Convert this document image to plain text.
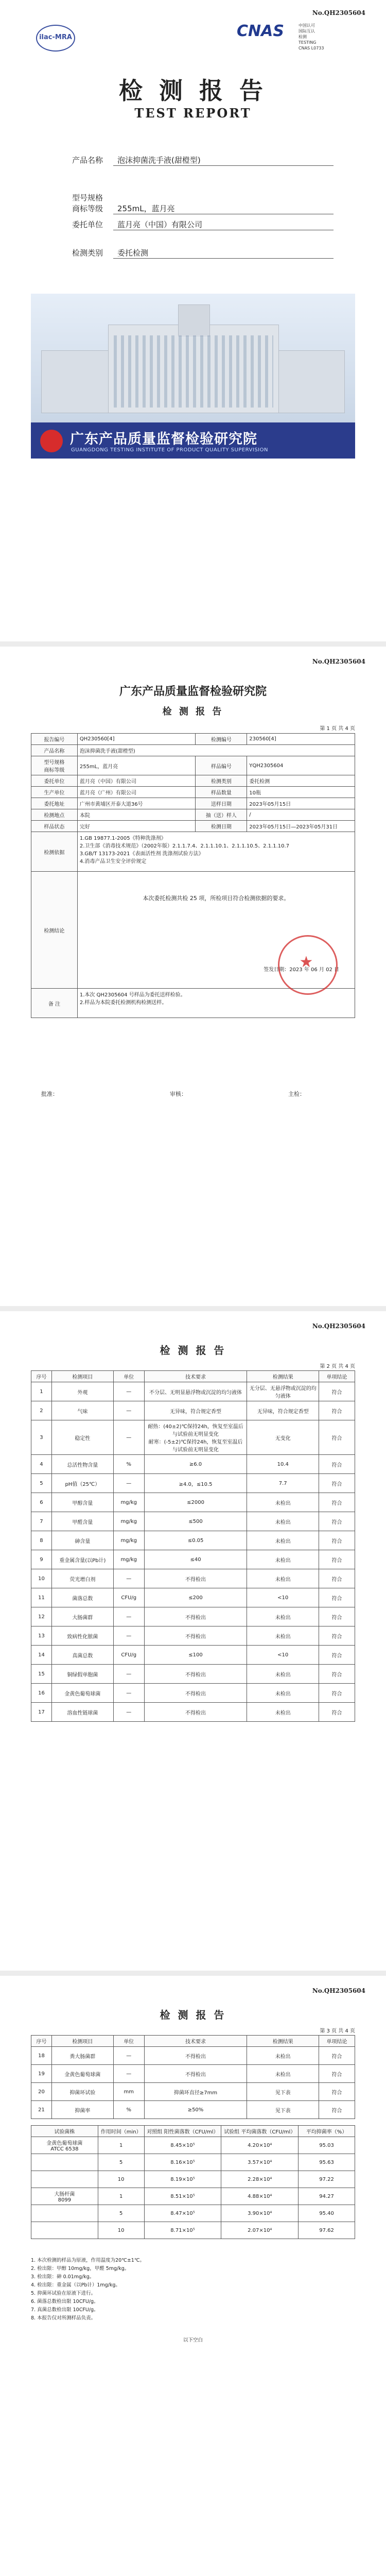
No.QH2305604
ilac-MRA	CNAS	中国认可
国际互认
检测
TESTING
CNAS L0733
检 测 报 告
TEST REPORT
产品名称 泡沫抑菌洗手液(甜橙型)

型号规格
商标等级 255mL，蓝月亮

委托单位 蓝月亮（中国）有限公司
检测类别 委托检测
广东产品质量监督检验研究院
GUANGDONG TESTING INSTITUTE OF PRODUCT QUALITY SUPERVISION
No.QH2305604
广东产品质量监督检验研究院
检 测 报 告
第 1 页 共 4 页
报告编号	QH230560[4]	检测编号	230560[4]
产品名称	泡沫抑菌洗手液(甜橙型)		
型号规格
商标等级	255mL，蓝月亮	样品编号	YQH2305604
委托单位	蓝月亮（中国）有限公司	检测类别	委托检测
生产单位	蓝月亮（广州）有限公司	样品数量	10瓶
委托地址	广州市黄埔区开泰大道36号	送样日期	2023年05月15日
检测地点	本院	抽（送）样人	/
样品状态	完好	检测日期	2023年05月15日—2023年05月31日
检测依据	1.GB 19877.1-2005《特种洗涤剂》
2.卫生部《消毒技术规范》（2002年版）2.1.1.7.4、2.1.1.10.1、2.1.1.10.5、2.1.1.10.7
3.GB/T 13173-2021《表面活性剂 洗涤剂试验方法》
4.消毒产品卫生安全评价规定		
检测结论	本次委托检测共检 25 项，所检项目符合检测依据的要求。
签发日期：2023 年 06 月 02 日		

备 注	1.本次 QH2305604 号样品为委托送样检验。
2.样品为本院委托检测机构检测送样。		
★
批准：	审核：	主检：
No.QH2305604
检 测 报 告
第 2 页 共 4 页
序号	检测项目	单位	技术要求	检测结果	单项结论
1	外观	—	不分层、无明显悬浮物或沉淀的均匀液体	无分层、无悬浮物或沉淀的均匀液体	符合
2	气味	—	无异味，符合规定香型	无异味，符合规定香型	符合
3	稳定性	—	耐热：(40±2)℃保持24h，恢复至室温后与试验前无明显变化
耐寒：(-5±2)℃保持24h，恢复至室温后与试验前无明显变化	无变化	符合
4	总活性物含量	%	≥6.0	10.4	符合
5	pH值（25℃）	—	≥4.0，≤10.5	7.7	符合
6	甲醇含量	mg/kg	≤2000	未检出	符合
7	甲醛含量	mg/kg	≤500	未检出	符合
8	砷含量	mg/kg	≤0.05	未检出	符合
9	重金属含量(以Pb计)	mg/kg	≤40	未检出	符合
10	荧光增白剂	—	不得检出	未检出	符合
11	菌落总数	CFU/g	≤200	<10	符合
12	大肠菌群	—	不得检出	未检出	符合
13	致病性化脓菌	—	不得检出	未检出	符合
14	真菌总数	CFU/g	≤100	<10	符合
15	铜绿假单胞菌	—	不得检出	未检出	符合
16	金黄色葡萄球菌	—	不得检出	未检出	符合
17	溶血性链球菌	—	不得检出	未检出	符合
No.QH2305604
检 测 报 告
第 3 页 共 4 页
序号	检测项目	单位	技术要求	检测结果	单项结论
18	粪大肠菌群	—	不得检出	未检出	符合
19	金黄色葡萄球菌	—	不得检出	未检出	符合
20	抑菌环试验	mm	抑菌环直径≥7mm	见下表	符合
21	抑菌率	%	≥50%	见下表	符合
试验菌株	作用时间（min）	对照组 阳性菌落数（CFU/ml）	试验组 平均菌落数（CFU/ml）	平均抑菌率（%）
金黄色葡萄球菌
ATCC 6538	1	8.45×10⁵	4.20×10⁴	95.03
	5	8.16×10⁵	3.57×10⁴	95.63
	10	8.19×10⁵	2.28×10⁴	97.22
大肠杆菌
8099	1	8.51×10⁵	4.88×10⁴	94.27
	5	8.47×10⁵	3.90×10⁴	95.40
	10	8.71×10⁵	2.07×10⁴	97.62
1. 本次检测的样品为原液，作用温度为20℃±1℃。
2. 检出限：甲醇 10mg/kg，甲醛 5mg/kg。
3. 检出限：砷 0.01mg/kg。
4. 检出限：重金属（以Pb计）1mg/kg。
5. 抑菌环试验在原液下进行。
6. 菌落总数检出限 10CFU/g。
7. 真菌总数检出限 10CFU/g。
8. 本报告仅对所测样品负责。
以下空白
